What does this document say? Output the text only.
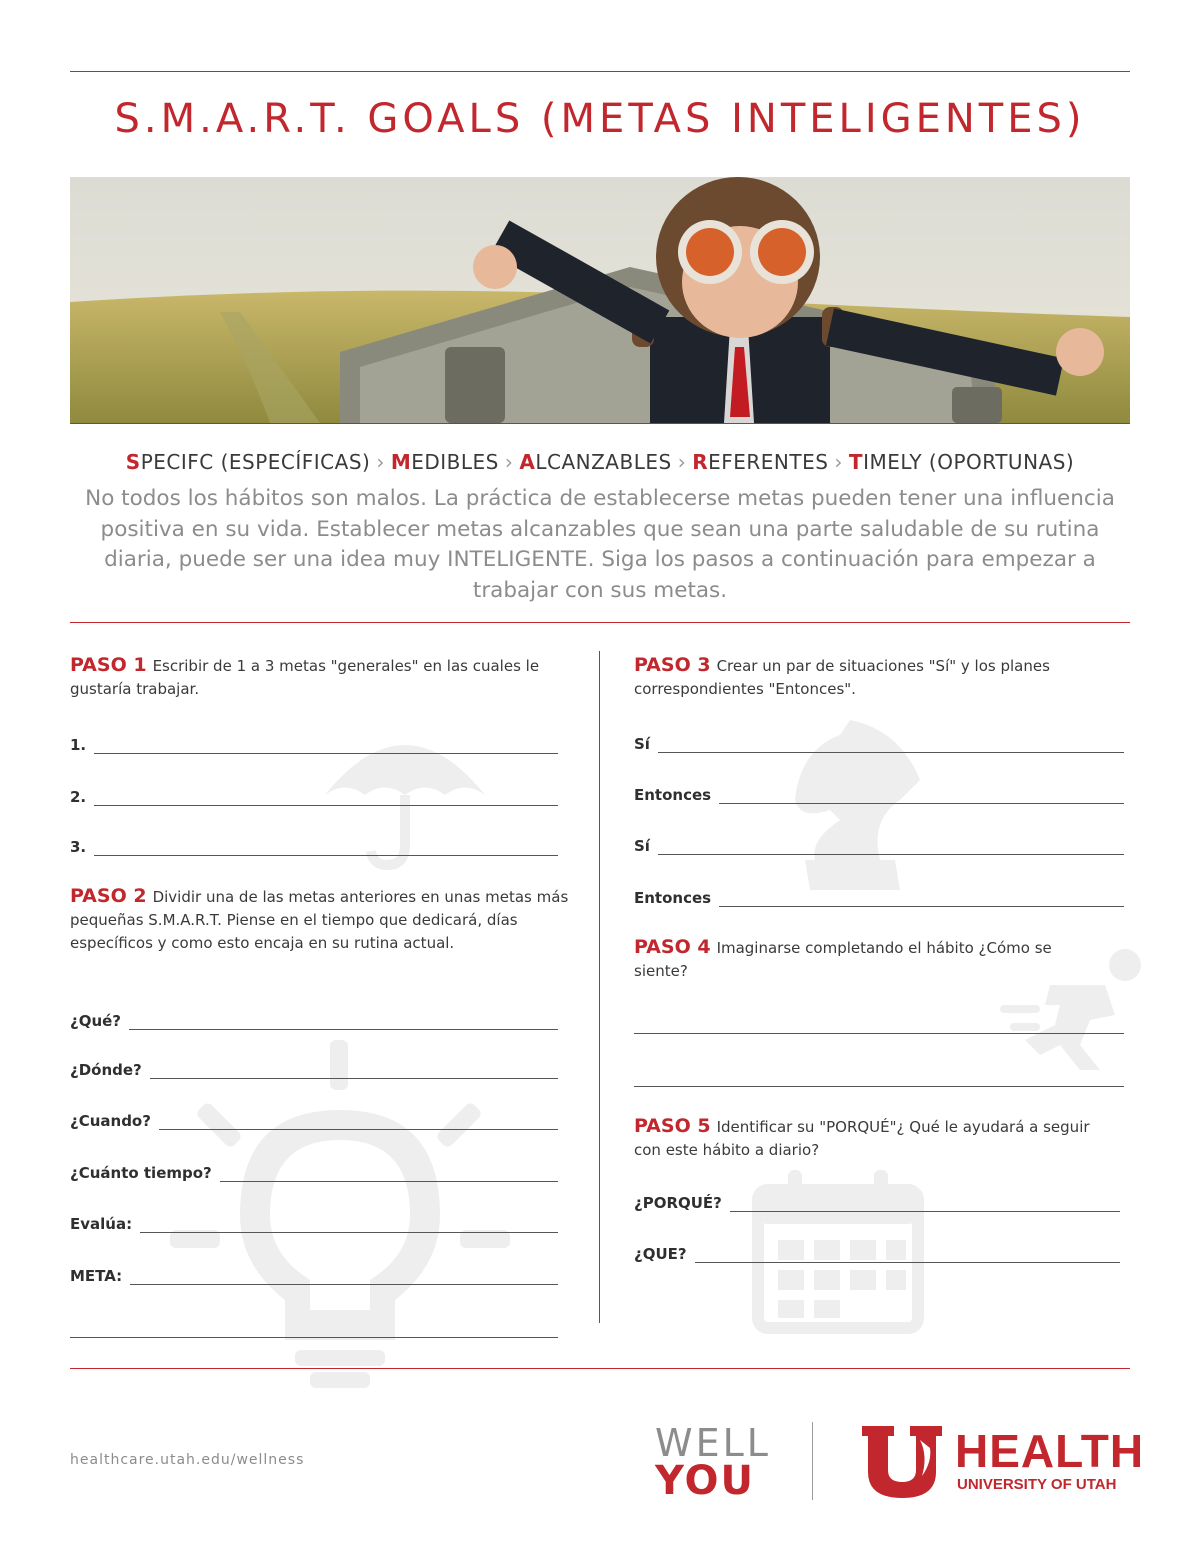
S.M.A.R.T. GOALS (METAS INTELIGENTES)
SPECIFC (ESPECÍFICAS) › MEDIBLES › ALCANZABLES › REFERENTES › TIMELY (OPORTUNAS)

No todos los hábitos son malos. La práctica de establecerse metas pueden tener una influencia positiva en su vida. Establecer metas alcanzables que sean una parte saludable de su rutina diaria, puede ser una idea muy INTELIGENTE. Siga los pasos a continuación para empezar a trabajar con sus metas.

PASO 1 Escribir de 1 a 3 metas "generales" en las cuales le gustaría trabajar.
1.
2.
3.
PASO 2 Dividir una de las metas anteriores en unas metas más pequeñas S.M.A.R.T. Piense en el tiempo que dedicará, días específicos y como esto encaja en su rutina actual.
¿Qué?
¿Dónde?
¿Cuando?
¿Cuánto tiempo?
Evalúa:
META:
PASO 3 Crear un par de situaciones "Sí" y los planes correspondientes "Entonces".
Sí
Entonces
Sí
Entonces
PASO 4 Imaginarse completando el hábito ¿Cómo se siente?
PASO 5 Identificar su "PORQUÉ"¿ Qué le ayudará a seguir con este hábito a diario?
¿PORQUÉ?
¿QUE?
healthcare.utah.edu/wellness	WELL
YOU
HEALTH
UNIVERSITY OF UTAH
